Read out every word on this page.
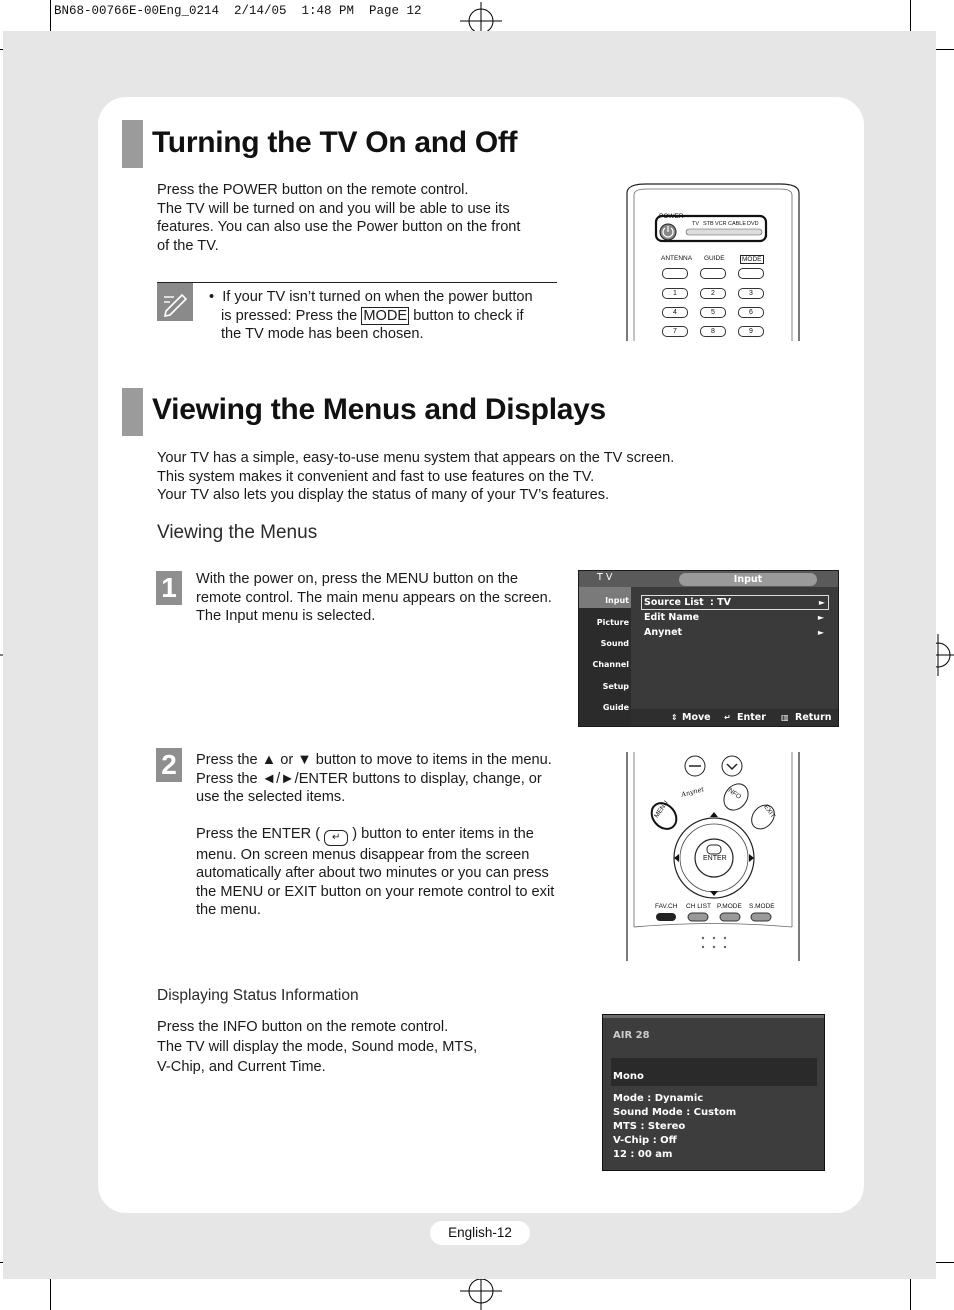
BN68-00766E-00Eng_0214  2/14/05  1:48 PM  Page 12
Turning the TV On and Off

Press the POWER button on the remote control.

The TV will be turned on and you will be able to use its

features. You can also use the Power button on the front

of the TV.

•  If your TV isn’t turned on when the power button

is pressed: Press the MODE button to check if

the TV mode has been chosen.

POWER
TV STB VCR CABLE DVD
ANTENNA GUIDE	MODE
1	2	3
4	5	6
7	8	9
Viewing the Menus and Displays

Your TV has a simple, easy-to-use menu system that appears on the TV screen.

This system makes it convenient and fast to use features on the TV.

Your TV also lets you display the status of many of your TV’s features.

Viewing the Menus
1	With the power on, press the MENU button on the

remote control. The main menu appears on the screen.

The Input menu is selected.

T V	Input
Input
Picture
Sound
Channel
Setup
Guide
Source List : TV	►
Edit Name	►
Anynet	►
⇕ Move ↵ Enter ▥ Return
2	Press the ▲ or ▼ button to move to items in the menu.

Press the ◄/►/ENTER buttons to display, change, or

use the selected items.

Press the ENTER ( ↵ ) button to enter items in the

menu. On screen menus disappear from the screen

automatically after about two minutes or you can press

the MENU or EXIT button on your remote control to exit

the menu.

MENU
INFO
EXIT
ENTER
Anynet
FAV.CH CH LIST P.MODE S.MODE
Displaying Status Information

Press the INFO button on the remote control.

The TV will display the mode, Sound mode, MTS,

V-Chip, and Current Time.

AIR 28
Mono
Mode : Dynamic
Sound Mode : Custom
MTS : Stereo
V-Chip : Off
12 : 00 am
English-12
